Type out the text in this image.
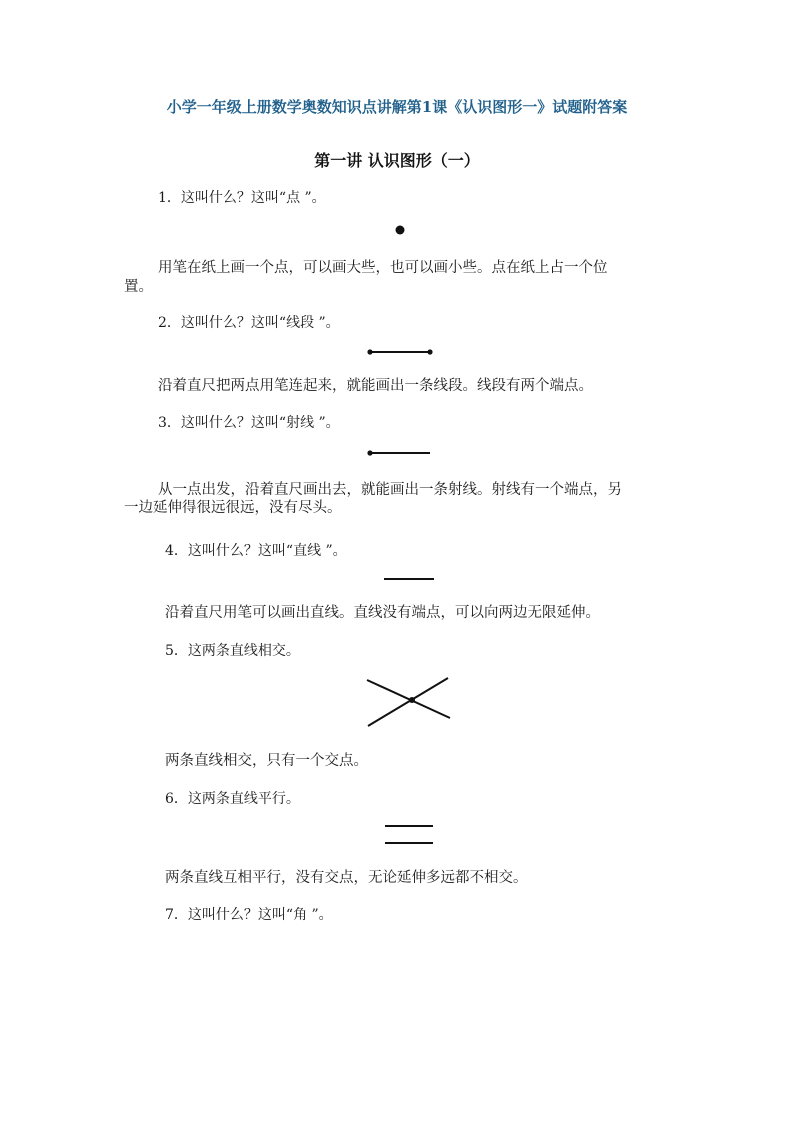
小学一年级上册数学奥数知识点讲解第1课《认识图形一》试题附答案
第一讲 认识图形（一）
1．这叫什么？这叫“点 ”。
用笔在纸上画一个点，可以画大些，也可以画小些。点在纸上占一个位
置。
2．这叫什么？这叫“线段 ”。
沿着直尺把两点用笔连起来，就能画出一条线段。线段有两个端点。
3．这叫什么？这叫“射线 ”。
从一点出发，沿着直尺画出去，就能画出一条射线。射线有一个端点，另
一边延伸得很远很远，没有尽头。
4．这叫什么？这叫“直线 ”。
沿着直尺用笔可以画出直线。直线没有端点，可以向两边无限延伸。
5．这两条直线相交。
两条直线相交，只有一个交点。
6．这两条直线平行。
两条直线互相平行，没有交点，无论延伸多远都不相交。
7．这叫什么？这叫“角 ”。
